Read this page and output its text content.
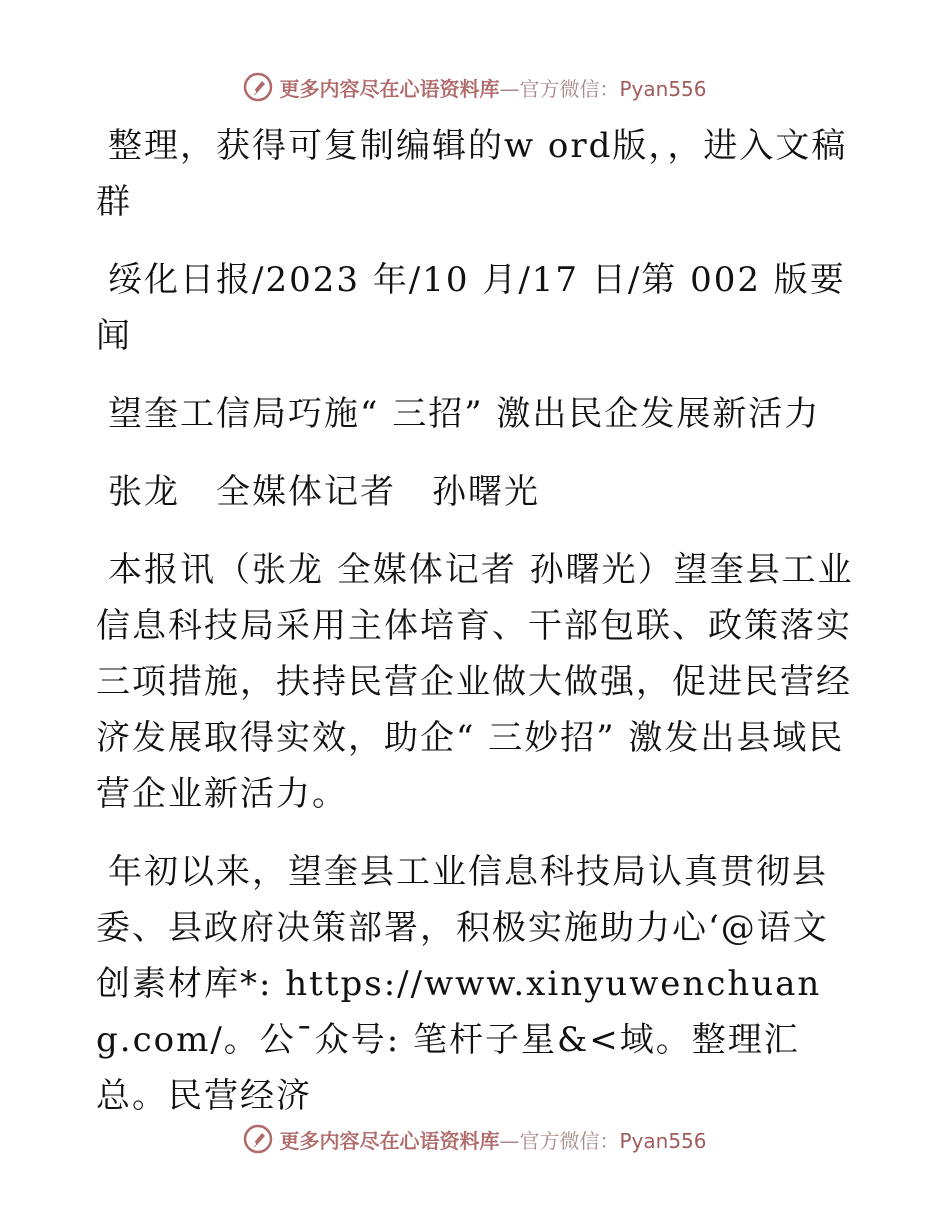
更多内容尽在心语资料库—官方微信：Pyan556

整理，获得可复制编辑的w ord版，，进入文稿群

绥化日报/2023 年/10 月/17 日/第 002 版要闻

望奎工信局巧施“ 三招” 激出民企发展新活力

张龙　全媒体记者　孙曙光

本报讯（张龙 全媒体记者 孙曙光）望奎县工业信息科技局采用主体培育、干部包联、政策落实三项措施，扶持民营企业做大做强，促进民营经济发展取得实效，助企“ 三妙招” 激发出县域民营企业新活力。

年初以来，望奎县工业信息科技局认真贯彻县委、县政府决策部署，积极实施助力心‘@语文创素材库*: https://www.xinyuwenchuang.com/。公¯众号: 笔杆子星&<域。整理汇总。民营经济

更多内容尽在心语资料库—官方微信：Pyan556
